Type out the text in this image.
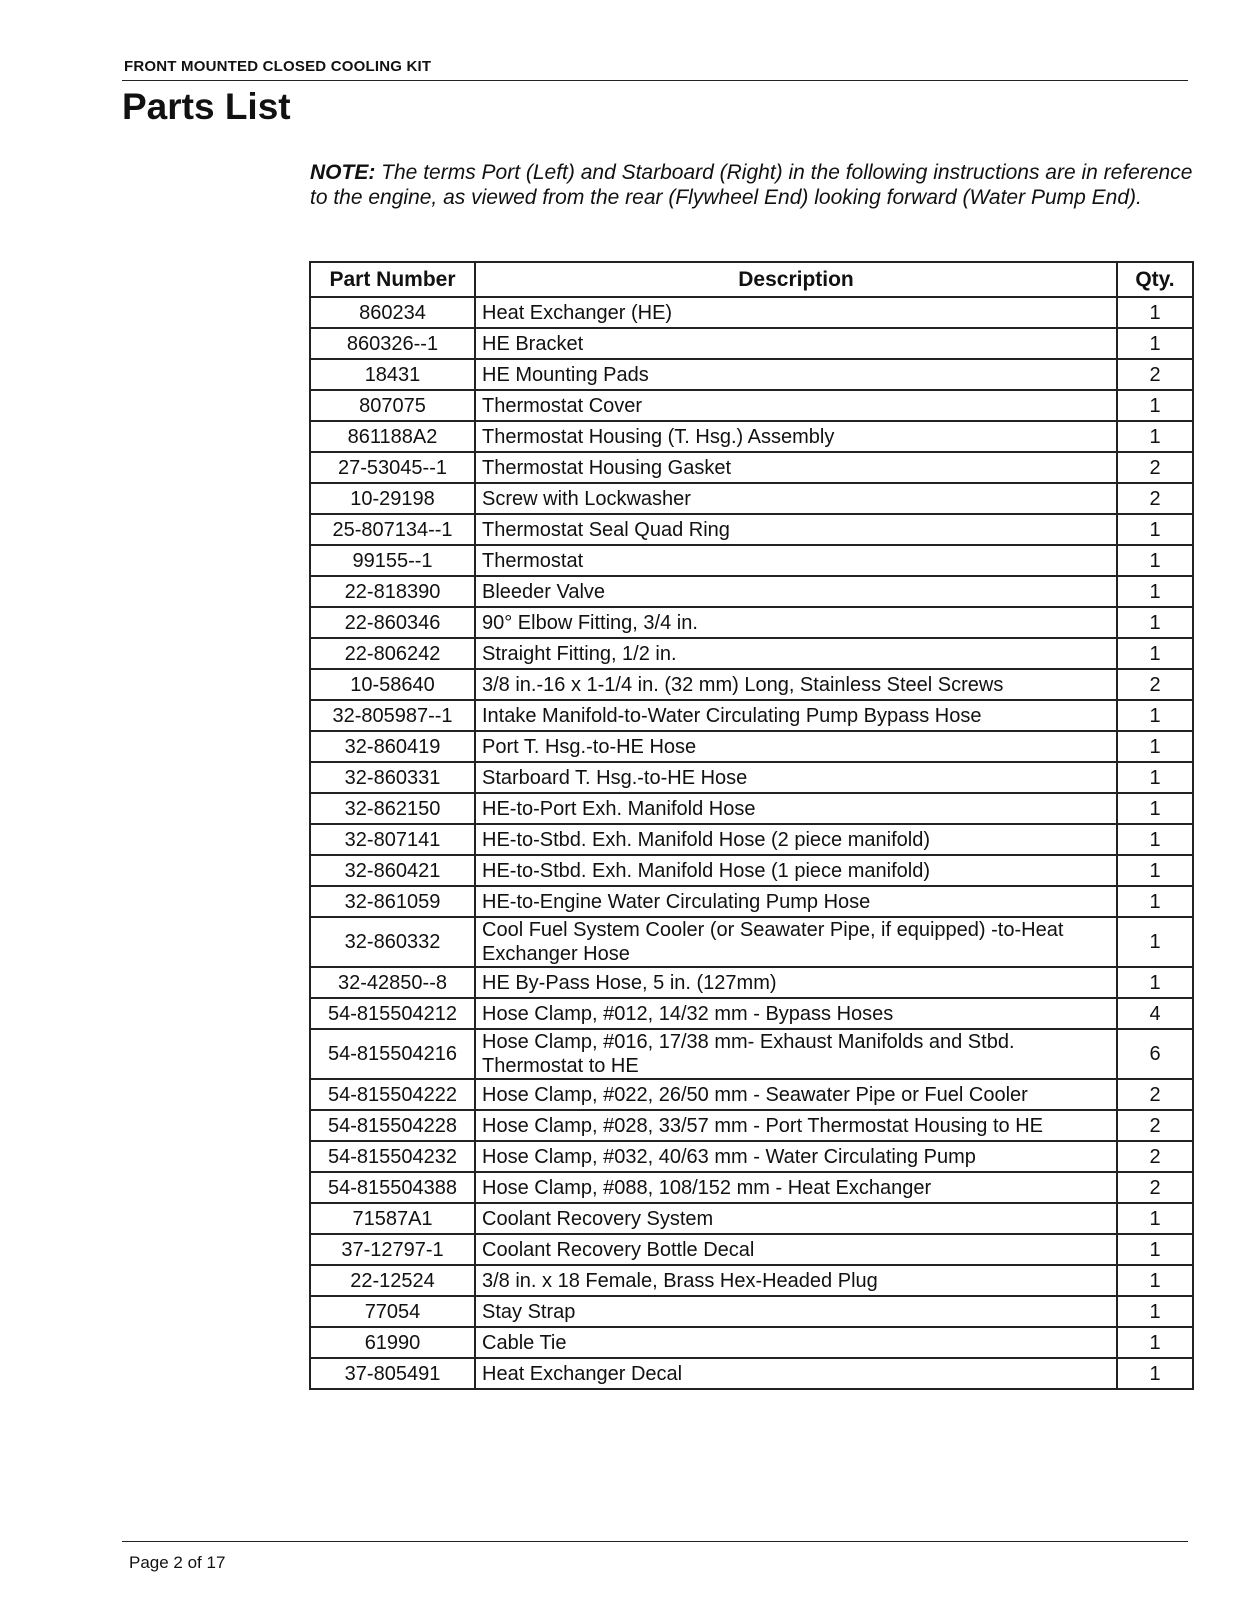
FRONT MOUNTED CLOSED COOLING KIT
Parts List
NOTE: The terms Port (Left) and Starboard (Right) in the following instructions are in reference to the engine, as viewed from the rear (Flywheel End) looking forward (Water Pump End).
Part Number	Description	Qty.
860234	Heat Exchanger (HE)	1
860326--1	HE Bracket	1
18431	HE Mounting Pads	2
807075	Thermostat Cover	1
861188A2	Thermostat Housing (T. Hsg.) Assembly	1
27-53045--1	Thermostat Housing Gasket	2
10-29198	Screw with Lockwasher	2
25-807134--1	Thermostat Seal Quad Ring	1
99155--1	Thermostat	1
22-818390	Bleeder Valve	1
22-860346	90° Elbow Fitting, 3/4 in.	1
22-806242	Straight Fitting, 1/2 in.	1
10-58640	3/8 in.-16 x 1-1/4 in. (32 mm) Long, Stainless Steel Screws	2
32-805987--1	Intake Manifold-to-Water Circulating Pump Bypass Hose	1
32-860419	Port T. Hsg.-to-HE Hose	1
32-860331	Starboard T. Hsg.-to-HE Hose	1
32-862150	HE-to-Port Exh. Manifold Hose	1
32-807141	HE-to-Stbd. Exh. Manifold Hose (2 piece manifold)	1
32-860421	HE-to-Stbd. Exh. Manifold Hose (1 piece manifold)	1
32-861059	HE-to-Engine Water Circulating Pump Hose	1
32-860332	Cool Fuel System Cooler (or Seawater Pipe, if equipped) -to-Heat Exchanger Hose	1
32-42850--8	HE By-Pass Hose, 5 in. (127mm)	1
54-815504212	Hose Clamp, #012, 14/32 mm - Bypass Hoses	4
54-815504216	Hose Clamp, #016, 17/38 mm- Exhaust Manifolds and Stbd. Thermostat to HE	6
54-815504222	Hose Clamp, #022, 26/50 mm - Seawater Pipe or Fuel Cooler	2
54-815504228	Hose Clamp, #028, 33/57 mm - Port Thermostat Housing to HE	2
54-815504232	Hose Clamp, #032, 40/63 mm - Water Circulating Pump	2
54-815504388	Hose Clamp, #088, 108/152 mm - Heat Exchanger	2
71587A1	Coolant Recovery System	1
37-12797-1	Coolant Recovery Bottle Decal	1
22-12524	3/8 in. x 18 Female, Brass Hex-Headed Plug	1
77054	Stay Strap	1
61990	Cable Tie	1
37-805491	Heat Exchanger Decal	1
Page 2 of 17
